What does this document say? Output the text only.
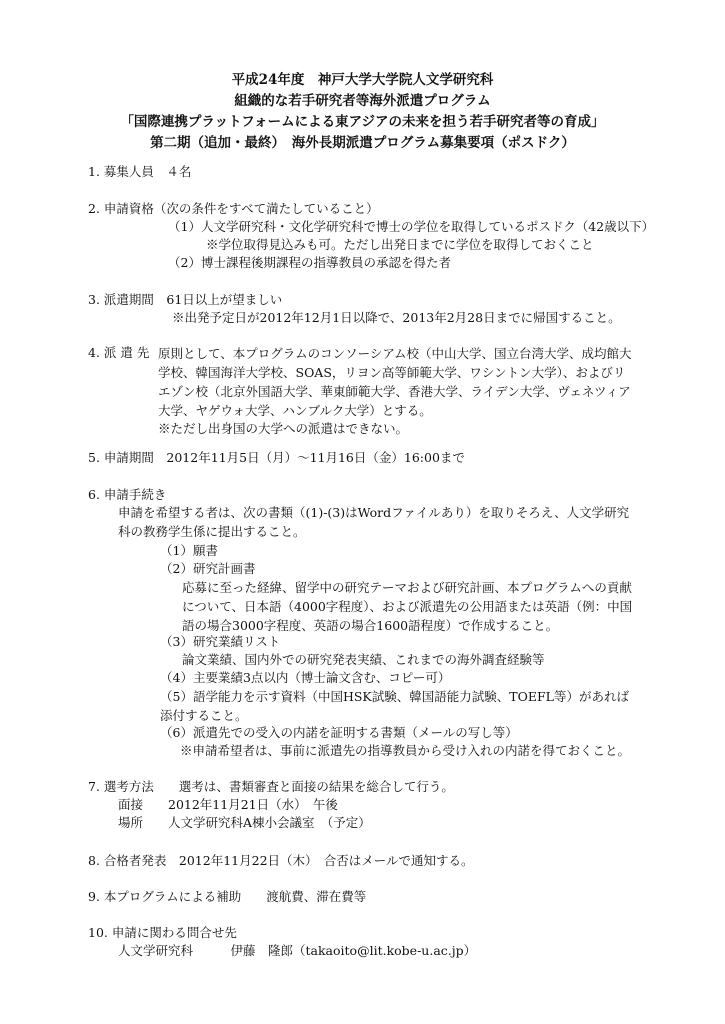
平成24年度　神戸大学大学院人文学研究科
組織的な若手研究者等海外派遣プログラム
「国際連携プラットフォームによる東アジアの未来を担う若手研究者等の育成」
第二期（追加・最終）　海外長期派遣プログラム募集要項（ポスドク）
1. 募集人員　４名
2. 申請資格（次の条件をすべて満たしていること）
（1）人文学研究科・文化学研究科で博士の学位を取得しているポスドク（42歳以下）
※学位取得見込みも可。ただし出発日までに学位を取得しておくこと
（2）博士課程後期課程の指導教員の承認を得た者
3. 派遣期間　61日以上が望ましい
※出発予定日が2012年12月1日以降で、2013年2月28日までに帰国すること。
4. 派 遣 先 原則として、本プログラムのコンソーシアム校（中山大学、国立台湾大学、成均館大学校、韓国海洋大学校、SOAS，リヨン高等師範大学、ワシントン大学）、およびリエゾン校（北京外国語大学、華東師範大学、香港大学、ライデン大学、ヴェネツィア大学、ヤゲウォ大学、ハンブルク大学）とする。
※ただし出身国の大学への派遣はできない。
5. 申請期間　2012年11月5日（月）〜11月16日（金）16:00まで
6. 申請手続き
申請を希望する者は、次の書類（(1)-(3)はWordファイルあり）を取りそろえ、人文学研究科の教務学生係に提出すること。
（1）願書
（2）研究計画書
応募に至った経緯、留学中の研究テーマおよび研究計画、本プログラムへの貢献について、日本語（4000字程度）、および派遣先の公用語または英語（例：中国語の場合3000字程度、英語の場合1600語程度）で作成すること。
（3）研究業績リスト
論文業績、国内外での研究発表実績、これまでの海外調査経験等
（4）主要業績3点以内（博士論文含む、コピー可）
（5）語学能力を示す資料（中国HSK試験、韓国語能力試験、TOEFL等）があれば添付すること。
（6）派遣先での受入の内諾を証明する書類（メールの写し等）
※申請希望者は、事前に派遣先の指導教員から受け入れの内諾を得ておくこと。
7. 選考方法　　選考は、書類審査と面接の結果を総合して行う。
面接　　2012年11月21日（水）　午後
場所　　人文学研究科A棟小会議室　（予定）
8. 合格者発表　2012年11月22日（木）　合否はメールで通知する。
9. 本プログラムによる補助　　渡航費、滞在費等
10. 申請に関わる問合せ先
人文学研究科　　　伊藤　隆郎（takaoito@lit.kobe-u.ac.jp）
